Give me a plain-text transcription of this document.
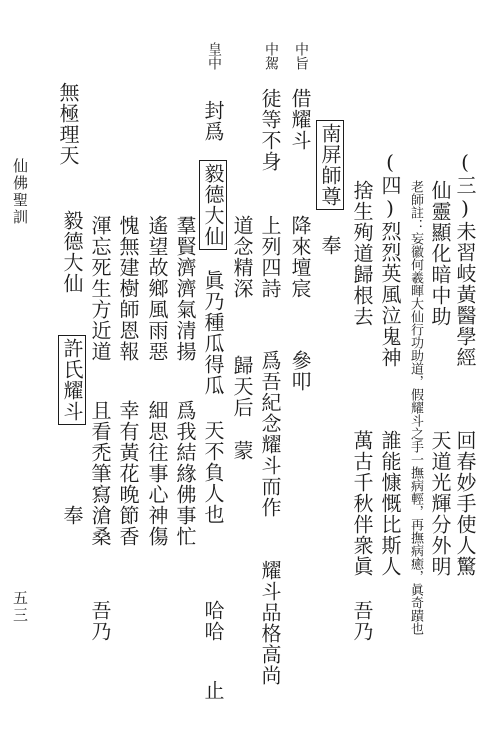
(三)未習岐黃醫學經
回春妙手使人驚
仙靈顯化暗中助
天道光輝分外明
老師註：妄徽何羲暉大仙行功助道，假耀斗之手一撫病輕，再撫病癒，眞奇蹟也
(四)烈烈英風泣鬼神
誰能慷慨比斯人
捨生殉道歸根去
萬古千秋伴衆眞
吾乃
南屏師尊
奉
中旨
借耀斗
降來壇宸
參叩
中駕
徒等不身
上列四詩
爲吾紀念耀斗而作
耀斗品格高尚
道念精深
歸天后
蒙
皇中
封爲
毅德大仙
眞乃種瓜得瓜
天不負人也
哈哈
止
羣賢濟濟氣清揚
爲我結緣佛事忙
遙望故鄉風雨惡
細思往事心神傷
無極理天
愧無建樹師恩報
幸有黃花晚節香
渾忘死生方近道
且看禿筆寫滄桑
吾乃
毅德大仙
許氏耀斗
奉
仙佛聖訓
五三
